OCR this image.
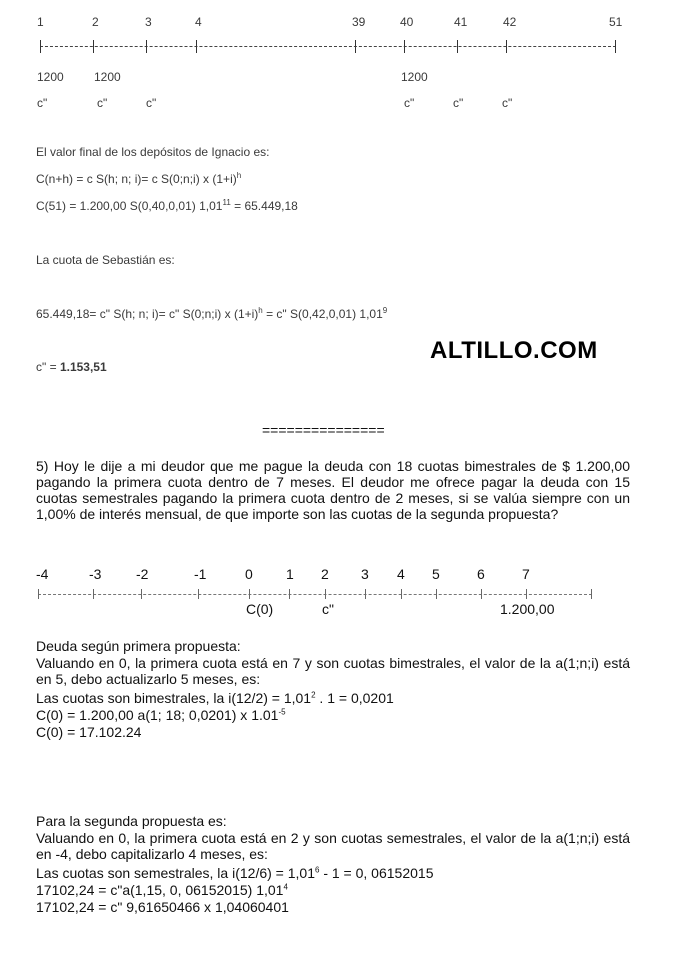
1	2	3	4	39	40	41	42	51
1200	1200	1200
c"	c"	c"	c"	c"	c"
El valor final de los depósitos de Ignacio es:
C(n+h) = c S(h; n; i)= c S(0;n;i) x $(1+i)^h$
C(51) = 1.200,00 S(0,40,0,01) $1,01^{11} = 65.449,18$
La cuota de Sebastián es:
65.449,18= c" S(h; n; i)= c" S(0;n;i) x $(1+i)^h = c$" S(0,42,0,01) 1,01$^9$
ALTILLO.COM
c" = 1.153,51
===============
5) Hoy le dije a mi deudor que me pague la deuda con 18 cuotas bimestrales de $ 1.200,00 pagando la primera cuota dentro de 7 meses. El deudor me ofrece pagar la deuda con 15 cuotas semestrales pagando la primera cuota dentro de 2 meses, si se valúa siempre con un 1,00% de interés mensual, de que importe son las cuotas de la segunda propuesta?
-4	-3 -2	-1	0 1 2 3 4 5	6	7
C(0)	c"	1.200,00
Deuda según primera propuesta:
Valuando en 0, la primera cuota está en 7 y son cuotas bimestrales, el valor de la a(1;n;i) está en 5, debo actualizarlo 5 meses, es:
Las cuotas son bimestrales, la $i(12/2) = 1,01^2$ . 1 = 0,0201
C(0) = 1.200,00 a(1; 18; 0,0201) x $1.01^{-5}$
C(0) = 17.102.24
Para la segunda propuesta es:
Valuando en 0, la primera cuota está en 2 y son cuotas semestrales, el valor de la a(1;n;i) está en -4, debo capitalizarlo 4 meses, es:
Las cuotas son semestrales, la $i(12/6) = 1,01^6 - 1 = 0$, 06152015
17102,24 = c"a(1,15, 0, 06152015) 1,01$^4$
17102,24 = c" 9,61650466 x 1,04060401
